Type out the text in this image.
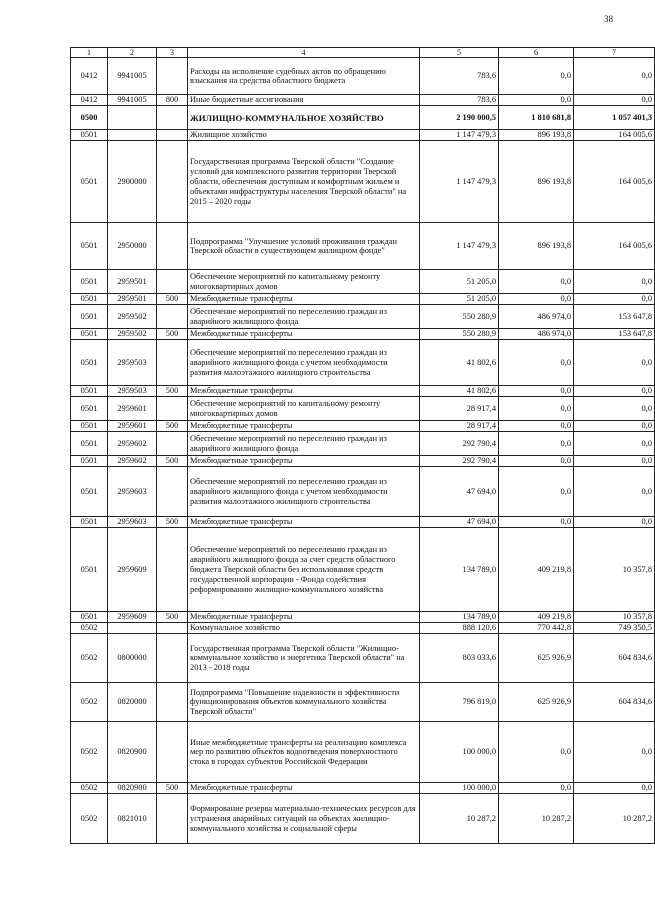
38
1	2	3	4	5	6	7
0412	9941005		Расходы на исполнение судебных актов по обращению взыскания на средства областного бюджета	783,6	0,0	0,0
0412	9941005	800	Иные бюджетные ассигнования	783,6	0,0	0,0
0500			ЖИЛИЩНО-КОММУНАЛЬНОЕ ХОЗЯЙСТВО	2 190 000,5	1 810 681,8	1 057 401,3
0501			Жилищное хозяйство	1 147 479,3	896 193,8	164 005,6
0501	2900000		Государственная программа Тверской области "Создание условий для комплексного развития территории Тверской области, обеспечения доступным и комфортным жильем и объектами инфраструктуры населения Тверской области" на 2015 – 2020 годы	1 147 479,3	896 193,8	164 005,6
0501	2950000		Подпрограмма "Улучшение условий проживания граждан Тверской области в существующем жилищном фонде"	1 147 479,3	896 193,8	164 005,6
0501	2959501		Обеспечение мероприятий по капитальному ремонту многоквартирных домов	51 205,0	0,0	0,0
0501	2959501	500	Межбюджетные трансферты	51 205,0	0,0	0,0
0501	2959502		Обеспечение мероприятий по переселению граждан из аварийного жилищного фонда	550 280,9	486 974,0	153 647,8
0501	2959502	500	Межбюджетные трансферты	550 280,9	486 974,0	153 647,8
0501	2959503		Обеспечение мероприятий по переселению граждан из аварийного жилищного фонда с учетом необходимости развития малоэтажного жилищного строительства	41 802,6	0,0	0,0
0501	2959503	500	Межбюджетные трансферты	41 802,6	0,0	0,0
0501	2959601		Обеспечение мероприятий по капитальному ремонту многоквартирных домов	28 917,4	0,0	0,0
0501	2959601	500	Межбюджетные трансферты	28 917,4	0,0	0,0
0501	2959602		Обеспечение мероприятий по переселению граждан из аварийного жилищного фонда	292 790,4	0,0	0,0
0501	2959602	500	Межбюджетные трансферты	292 790,4	0,0	0,0
0501	2959603		Обеспечение мероприятий по переселению граждан из аварийного жилищного фонда с учетом необходимости развития малоэтажного жилищного строительства	47 694,0	0,0	0,0
0501	2959603	500	Межбюджетные трансферты	47 694,0	0,0	0,0
0501	2959609		Обеспечение мероприятий по переселению граждан из аварийного жилищного фонда за счет средств областного бюджета Тверской области без использования средств государственной корпорации - Фонда содействия реформированию жилищно-коммунального хозяйства	134 789,0	409 219,8	10 357,8
0501	2959609	500	Межбюджетные трансферты	134 789,0	409 219,8	10 357,8
0502			Коммунальное хозяйство	888 120,6	770 442,8	749 350,5
0502	0800000		Государственная программа Тверской области "Жилищно-коммунальное хозяйство и энергетика Тверской области" на 2013 - 2018 годы	803 033,6	625 926,9	604 834,6
0502	0820000		Подпрограмма "Повышение надежности и эффективности функционирования объектов коммунального хозяйства Тверской области"	796 819,0	625 926,9	604 834,6
0502	0820900		Иные межбюджетные трансферты на реализацию комплекса мер по развитию объектов водоотведения поверхностного стока в городах субъектов Российской Федерации	100 000,0	0,0	0,0
0502	0820900	500	Межбюджетные трансферты	100 000,0	0,0	0,0
0502	0821010		Формирование резерва материально-технических ресурсов для устранения аварийных ситуаций на объектах жилищно-коммунального хозяйства и социальной сферы	10 287,2	10 287,2	10 287,2
